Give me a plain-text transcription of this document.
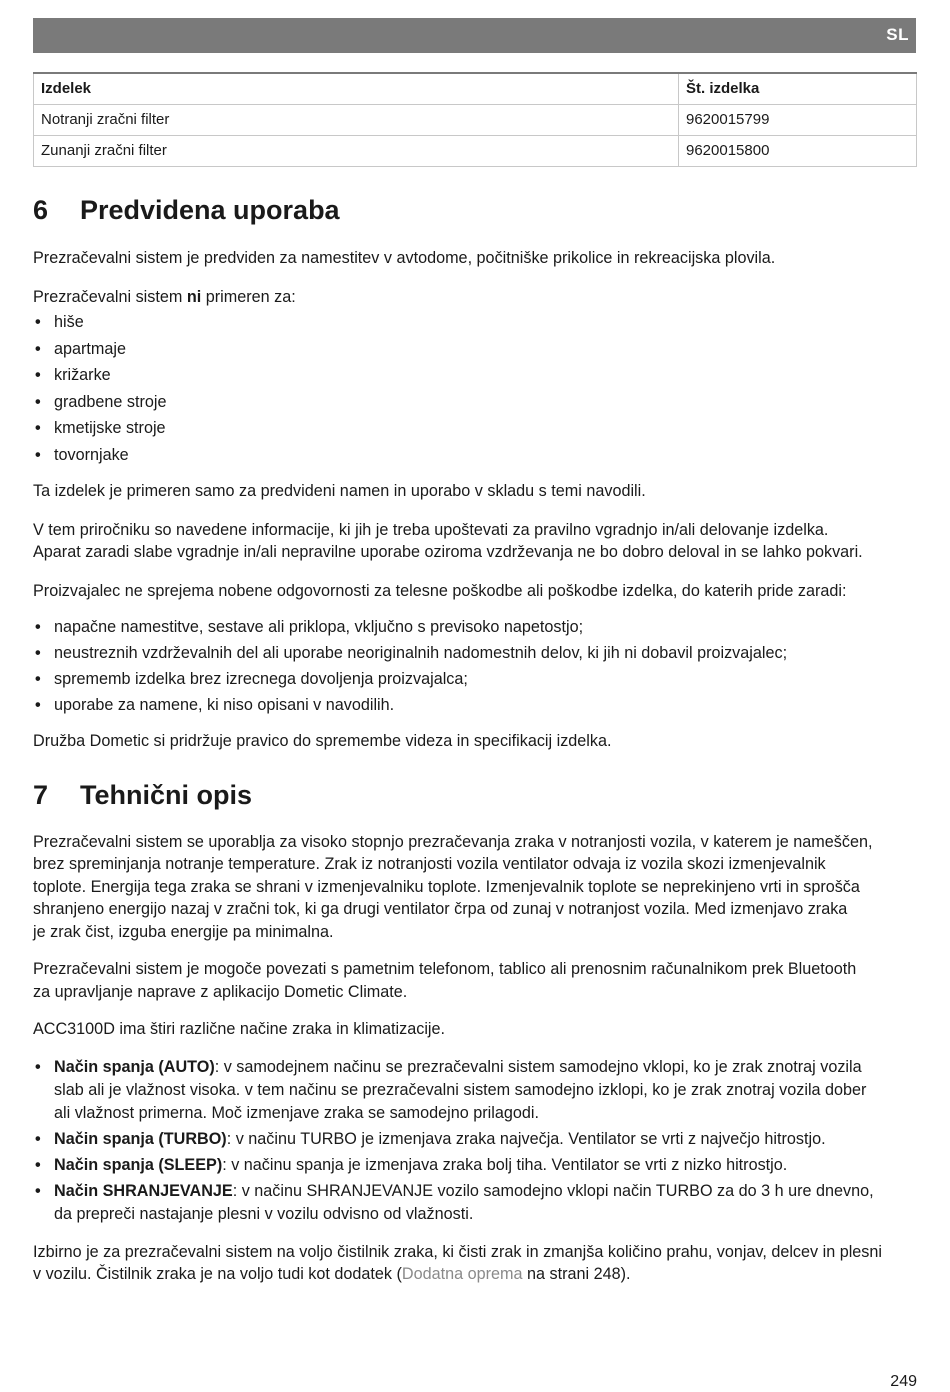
SL
Izdelek	Št. izdelka
Notranji zračni filter	9620015799
Zunanji zračni filter	9620015800
6 Predvidena uporaba

Prezračevalni sistem je predviden za namestitev v avtodome, počitniške prikolice in rekreacijska plovila.

Prezračevalni sistem ni primeren za:

• hiše
• apartmaje
• križarke
• gradbene stroje
• kmetijske stroje
• tovornjake

Ta izdelek je primeren samo za predvideni namen in uporabo v skladu s temi navodili.

V tem priročniku so navedene informacije, ki jih je treba upoštevati za pravilno vgradnjo in/ali delovanje izdelka.
Aparat zaradi slabe vgradnje in/ali nepravilne uporabe oziroma vzdrževanja ne bo dobro deloval in se lahko pokvari.

Proizvajalec ne sprejema nobene odgovornosti za telesne poškodbe ali poškodbe izdelka, do katerih pride zaradi:

• napačne namestitve, sestave ali priklopa, vključno s previsoko napetostjo;
• neustreznih vzdrževalnih del ali uporabe neoriginalnih nadomestnih delov, ki jih ni dobavil proizvajalec;
• sprememb izdelka brez izrecnega dovoljenja proizvajalca;
• uporabe za namene, ki niso opisani v navodilih.

Družba Dometic si pridržuje pravico do spremembe videza in specifikacij izdelka.

7 Tehnični opis

Prezračevalni sistem se uporablja za visoko stopnjo prezračevanja zraka v notranjosti vozila, v katerem je nameščen,
brez spreminjanja notranje temperature. Zrak iz notranjosti vozila ventilator odvaja iz vozila skozi izmenjevalnik
toplote. Energija tega zraka se shrani v izmenjevalniku toplote. Izmenjevalnik toplote se neprekinjeno vrti in sprošča
shranjeno energijo nazaj v zračni tok, ki ga drugi ventilator črpa od zunaj v notranjost vozila. Med izmenjavo zraka
je zrak čist, izguba energije pa minimalna.

Prezračevalni sistem je mogoče povezati s pametnim telefonom, tablico ali prenosnim računalnikom prek Bluetooth
za upravljanje naprave z aplikacijo Dometic Climate.

ACC3100D ima štiri različne načine zraka in klimatizacije.

• Način spanja (AUTO): v samodejnem načinu se prezračevalni sistem samodejno vklopi, ko je zrak znotraj vozila
slab ali je vlažnost visoka. v tem načinu se prezračevalni sistem samodejno izklopi, ko je zrak znotraj vozila dober
ali vlažnost primerna. Moč izmenjave zraka se samodejno prilagodi.
• Način spanja (TURBO): v načinu TURBO je izmenjava zraka največja. Ventilator se vrti z največjo hitrostjo.
• Način spanja (SLEEP): v načinu spanja je izmenjava zraka bolj tiha. Ventilator se vrti z nizko hitrostjo.
• Način SHRANJEVANJE: v načinu SHRANJEVANJE vozilo samodejno vklopi način TURBO za do 3 h ure dnevno,
da prepreči nastajanje plesni v vozilu odvisno od vlažnosti.

Izbirno je za prezračevalni sistem na voljo čistilnik zraka, ki čisti zrak in zmanjša količino prahu, vonjav, delcev in plesni
v vozilu. Čistilnik zraka je na voljo tudi kot dodatek (Dodatna oprema na strani 248).

249
